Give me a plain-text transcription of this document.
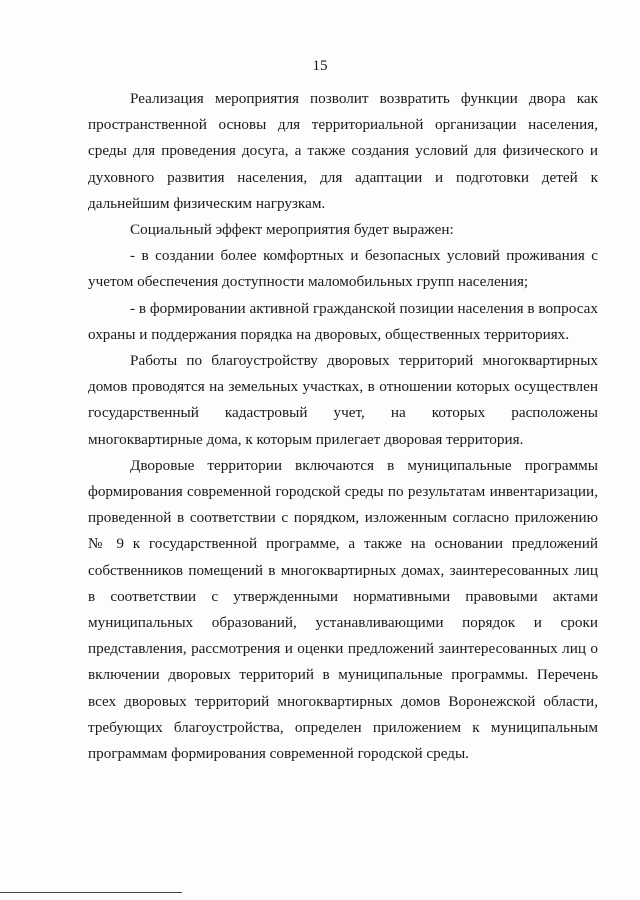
15

Реализация мероприятия позволит возвратить функции двора как пространственной основы для территориальной организации населения, среды для проведения досуга, а также создания условий для физического и духовного развития населения, для адаптации и подготовки детей к дальнейшим физическим нагрузкам.

Социальный эффект мероприятия будет выражен:

- в создании более комфортных и безопасных условий проживания с учетом обеспечения доступности маломобильных групп населения;

- в формировании активной гражданской позиции населения в вопросах охраны и поддержания порядка на дворовых, общественных территориях.

Работы по благоустройству дворовых территорий многоквартирных домов проводятся на земельных участках, в отношении которых осуществлен государственный кадастровый учет, на которых расположены многоквартирные дома, к которым прилегает дворовая территория.

Дворовые территории включаются в муниципальные программы формирования современной городской среды по результатам инвентаризации, проведенной в соответствии с порядком, изложенным согласно приложению № 9 к государственной программе, а также на основании предложений собственников помещений в многоквартирных домах, заинтересованных лиц в соответствии с утвержденными нормативными правовыми актами муниципальных образований, устанавливающими порядок и сроки представления, рассмотрения и оценки предложений заинтересованных лиц о включении дворовых территорий в муниципальные программы. Перечень всех дворовых территорий многоквартирных домов Воронежской области, требующих благоустройства, определен приложением к муниципальным программам формирования современной городской среды.
